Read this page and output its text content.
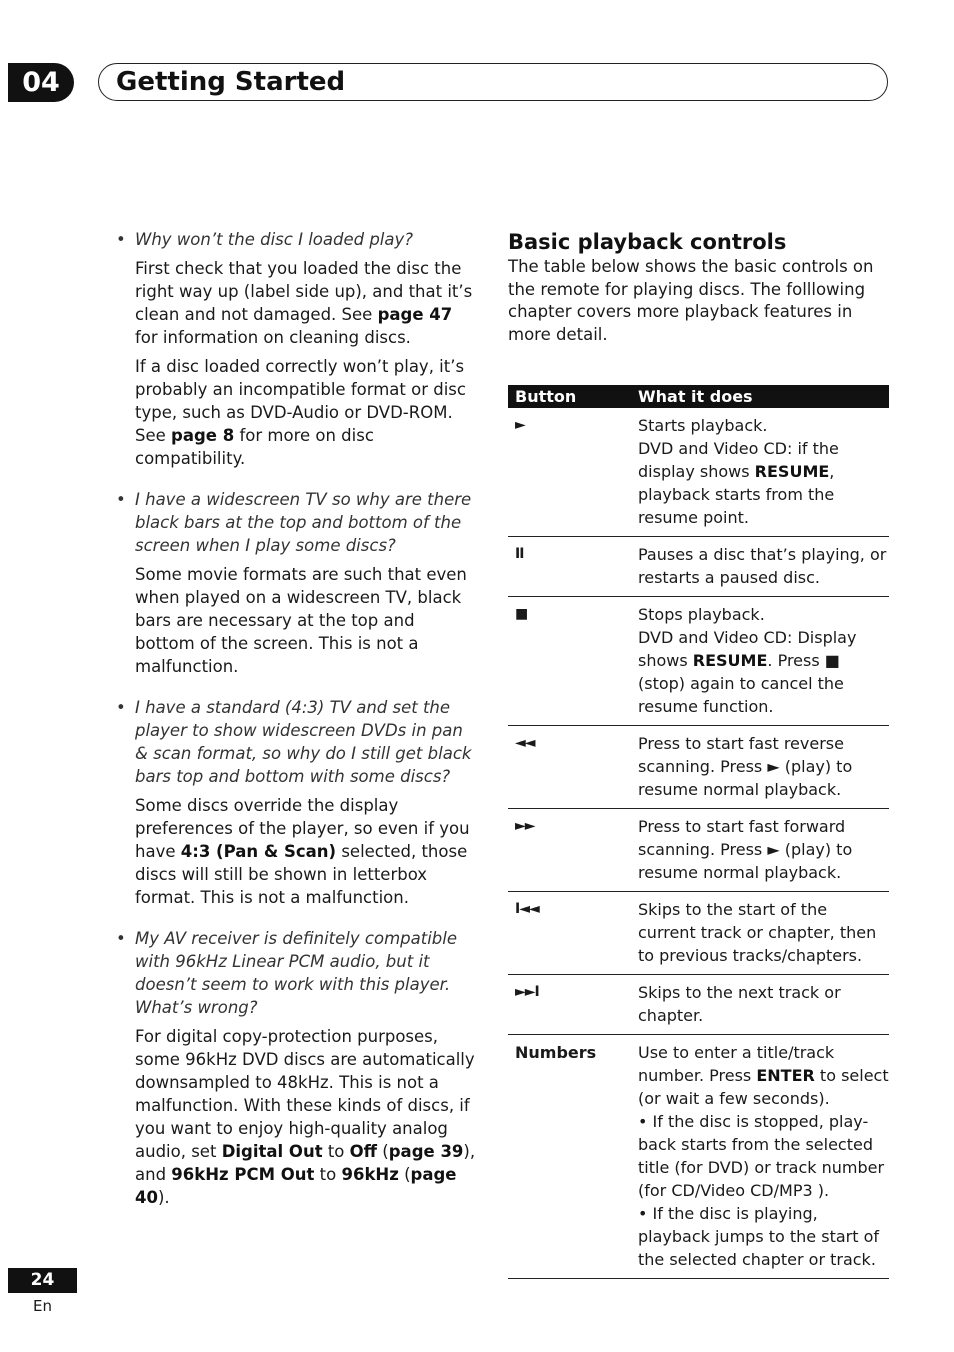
04	Getting Started
• Why won’t the disc I loaded play?

First check that you loaded the disc the right way up (label side up), and that it’s clean and not damaged. See page 47 for information on cleaning discs.

If a disc loaded correctly won’t play, it’s probably an incompatible format or disc type, such as DVD-Audio or DVD-ROM. See page 8 for more on disc compatibility.

• I have a widescreen TV so why are there black bars at the top and bottom of the screen when I play some discs?

Some movie formats are such that even when played on a widescreen TV, black bars are necessary at the top and bottom of the screen. This is not a malfunction.

• I have a standard (4:3) TV and set the player to show widescreen DVDs in pan & scan format, so why do I still get black bars top and bottom with some discs?

Some discs override the display preferences of the player, so even if you have 4:3 (Pan & Scan) selected, those discs will still be shown in letterbox format. This is not a malfunction.

• My AV receiver is definitely compatible with 96kHz Linear PCM audio, but it doesn’t seem to work with this player. What’s wrong?

For digital copy-protection purposes, some 96kHz DVD discs are automatically downsampled to 48kHz. This is not a malfunction. With these kinds of discs, if you want to enjoy high-quality analog audio, set Digital Out to Off (page 39), and 96kHz PCM Out to 96kHz (page 40).

Basic playback controls

The table below shows the basic controls on the remote for playing discs. The folllowing chapter covers more playback features in more detail.

Button	What it does
►	Starts playback.
DVD and Video CD: if the display shows RESUME, playback starts from the resume point.
II	Pauses a disc that’s playing, or restarts a paused disc.
■	Stops playback.
DVD and Video CD: Display shows RESUME. Press ■ (stop) again to cancel the resume function.
◄◄	Press to start fast reverse scanning. Press ► (play) to resume normal playback.
►►	Press to start fast forward scanning. Press ► (play) to resume normal playback.
I◄◄	Skips to the start of the current track or chapter, then to previous tracks/chapters.
►►I	Skips to the next track or chapter.
Numbers	Use to enter a title/track number. Press ENTER to select (or wait a few seconds).
• If the disc is stopped, play-back starts from the selected title (for DVD) or track number (for CD/Video CD/MP3 ).
• If the disc is playing, playback jumps to the start of the selected chapter or track.
24
En
